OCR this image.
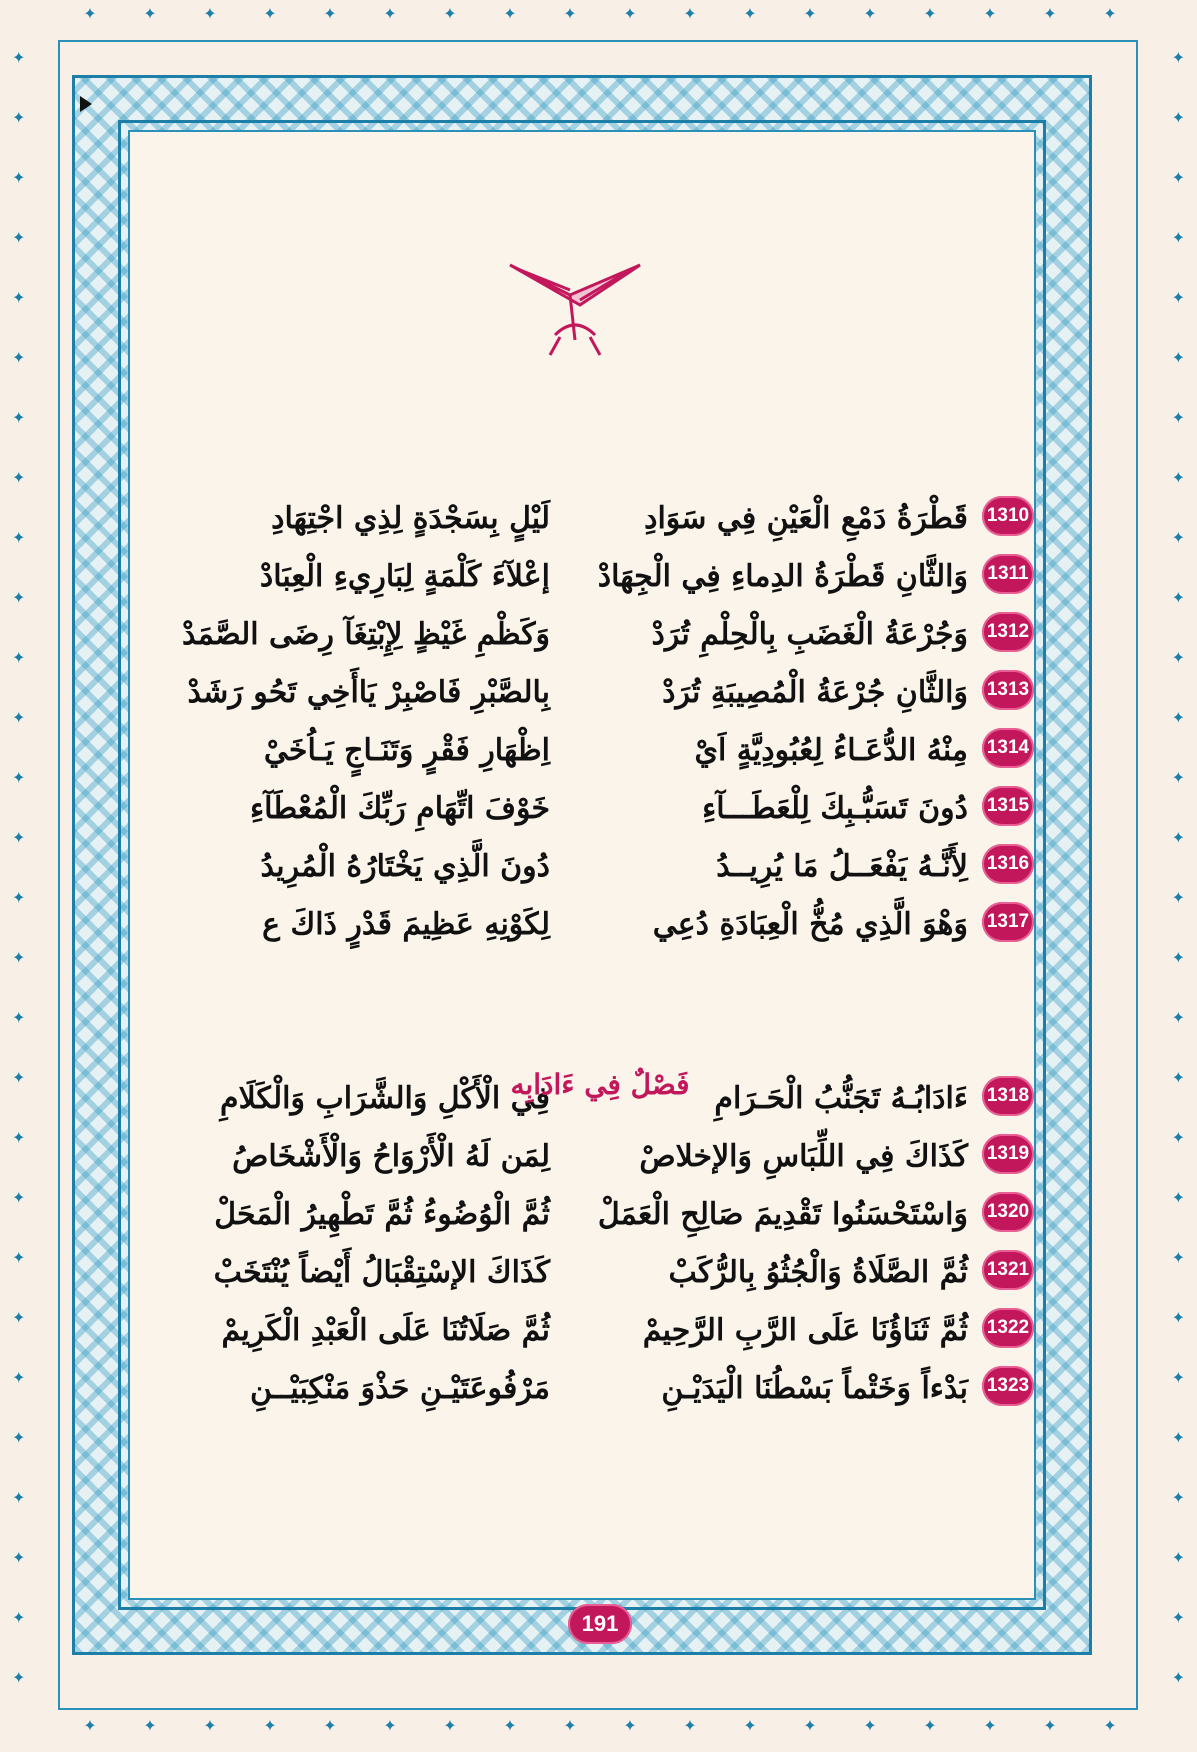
✦	✦	✦	✦	✦	✦	✦	✦	✦	✦	✦	✦	✦	✦	✦	✦	✦	✦
✦	✦	✦	✦	✦	✦	✦	✦	✦	✦	✦	✦	✦	✦	✦	✦	✦	✦
✦
✦
✦
✦
✦
✦
✦
✦
✦
✦
✦
✦
✦
✦
✦
✦
✦
✦
✦
✦
✦
✦
✦
✦
✦
✦
✦
✦
✦
✦
✦
✦
✦
✦
✦
✦
✦
✦
✦
✦
✦
✦
✦
✦
✦
✦
✦
✦
✦
✦
✦
✦
✦
✦
✦
✦
1310
قَطْرَةُ دَمْعِ الْعَيْنِ فِي سَوَادِ
لَيْلٍ بِسَجْدَةٍ لِذِي اجْتِهَادِ
1311
وَالثَّانِ قَطْرَةُ الدِماءِ فِي الْجِهَادْ
إعْلآءَ كَلْمَةٍ لِبَارِيءِ الْعِبَادْ
1312
وَجُرْعَةُ الْغَضَبِ بِالْحِلْمِ تُرَدْ
وَكَظْمِ غَيْظٍ لِإِبْتِغَآ رِضَى الصَّمَدْ
1313
وَالثَّانِ جُرْعَةُ الْمُصِيبَةِ تُرَدْ
بِالصَّبْرِ فَاصْبِرْ يَاأَخِي تَحُو رَشَدْ
1314
مِنْهُ الدُّعَـاءُ لِعُبُودِيَّةٍ اَيْ
اِظْهَارِ فَقْرٍ وَتَنَـاجٍ يَـاُخَيْ
1315
دُونَ تَسَبُّـبِكَ لِلْعَطَـــآءِ
خَوْفَ اتِّهَامِ رَبِّكَ الْمُعْطَآءِ
1316
لِأَنَّـهُ يَفْعَــلُ مَا يُرِيــدُ
دُونَ الَّذِي يَخْتَارُهُ الْمُرِيدُ
1317
وَهْوَ الَّذِي مُخُّ الْعِبَادَةِ دُعِي
لِكَوْنِهِ عَظِيمَ قَدْرٍ ذَاكَ ع
1318
ءَادَابُـهُ تَجَنُّبُ الْحَـرَامِ
فِي الْأَكْلِ وَالشَّرَابِ وَالْكَلَامِ
1319
كَذَاكَ فِي اللِّبَاسِ وَالإخلاصْ
لِمَن لَهُ الْأَرْوَاحُ وَالْأَشْخَاصُ
1320
وَاسْتَحْسَنُوا تَقْدِيمَ صَالِحِ الْعَمَلْ
ثُمَّ الْوُضُوءُ ثُمَّ تَطْهِيرُ الْمَحَلْ
1321
ثُمَّ الصَّلَاةُ وَالْجُثُوُ بِالرُّكَبْ
كَذَاكَ الإسْتِقْبَالُ أَيْضاً يُنْتَخَبْ
1322
ثُمَّ ثَنَاؤُنَا عَلَى الرَّبِ الرَّحِيمْ
ثُمَّ صَلَاتُنَا عَلَى الْعَبْدِ الْكَرِيمْ
1323
بَدْءاً وَخَتْماً بَسْطُنَا الْيَدَيْـنِ
مَرْفُوعَتَيْـنِ حَذْوَ مَنْكِبَيْــنِ
فَصْلٌ فِي ءَادَابِه
191
